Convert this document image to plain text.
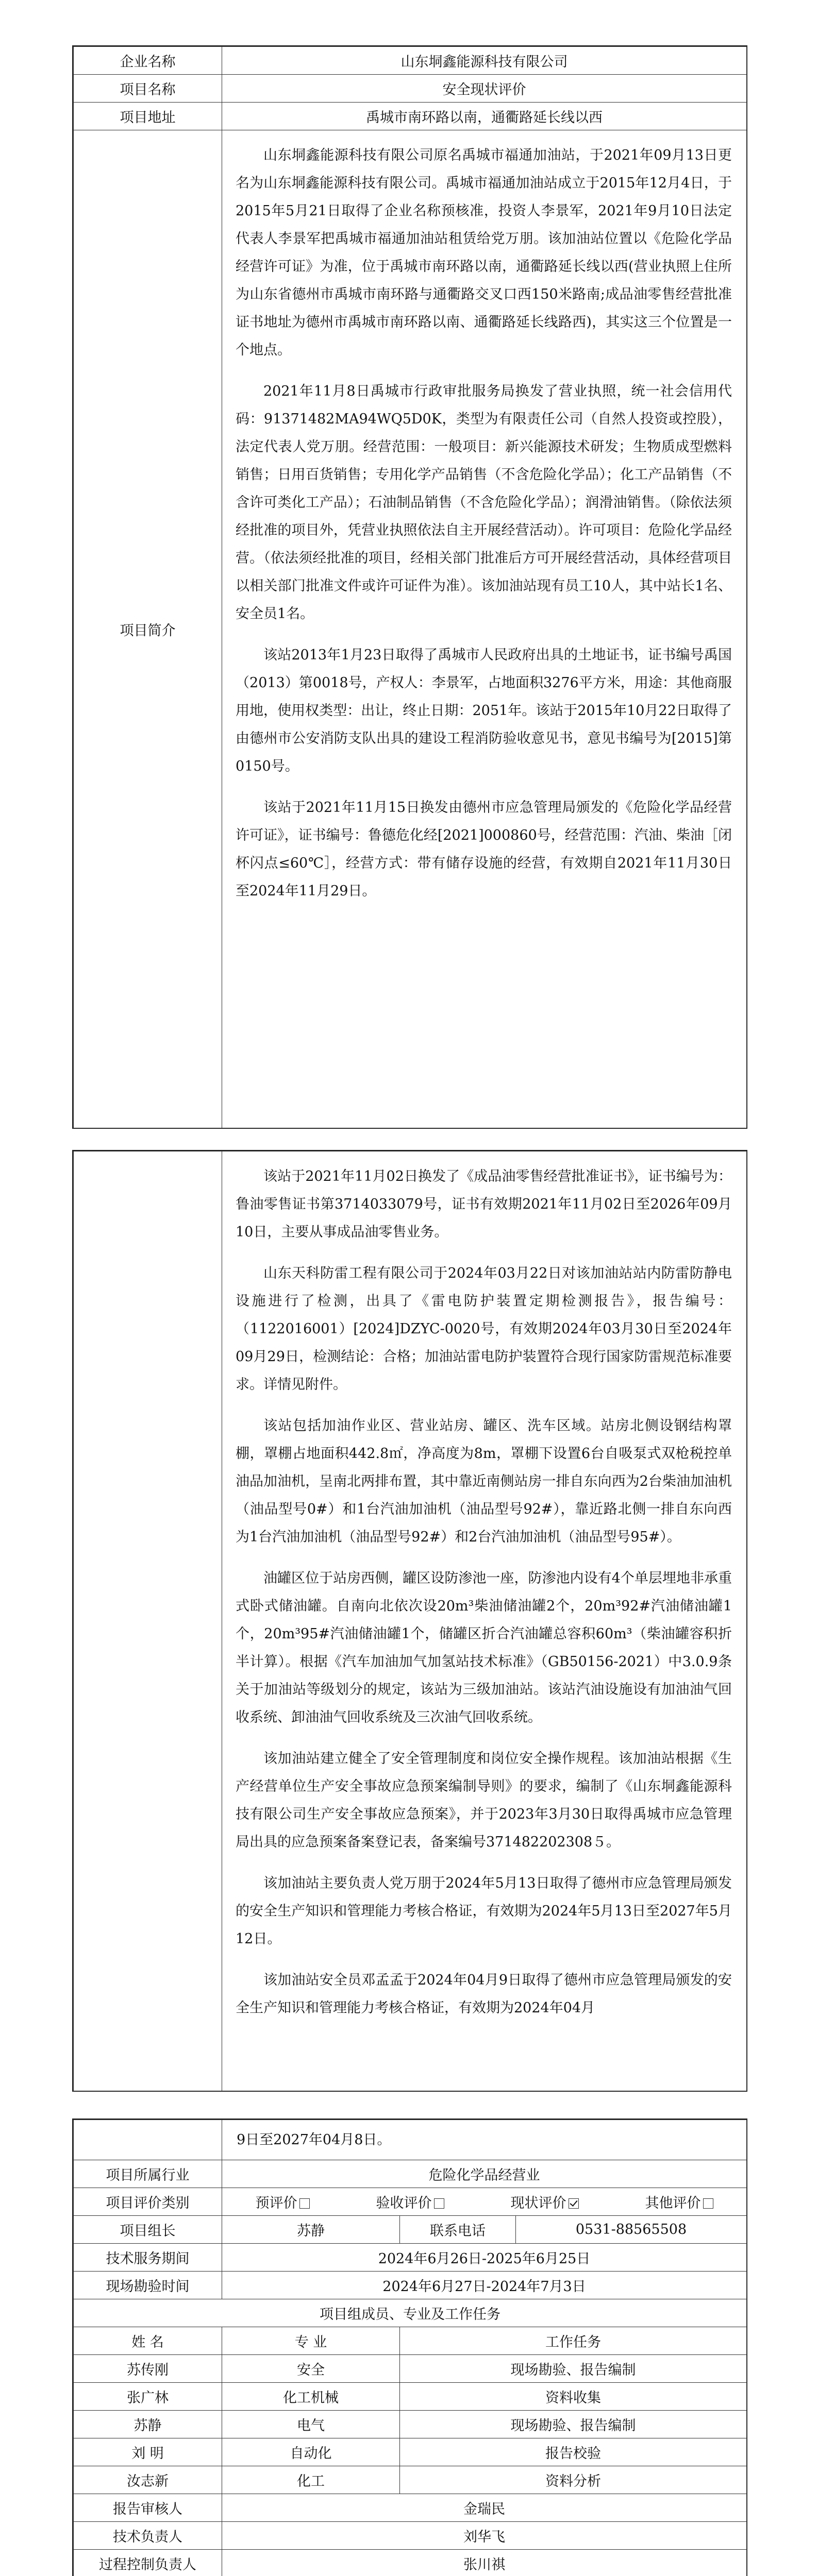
企业名称	山东垌鑫能源科技有限公司
项目名称	安全现状评价
项目地址	禹城市南环路以南，通衢路延长线以西
项目简介	山东垌鑫能源科技有限公司原名禹城市福通加油站，于2021年09月13日更名为山东垌鑫能源科技有限公司。禹城市福通加油站成立于2015年12月4日，于2015年5月21日取得了企业名称预核准，投资人李景军，2021年9月10日法定代表人李景军把禹城市福通加油站租赁给党万朋。该加油站位置以《危险化学品经营许可证》为准，位于禹城市南环路以南，通衢路延长线以西(营业执照上住所为山东省德州市禹城市南环路与通衢路交叉口西150米路南;成品油零售经营批准证书地址为德州市禹城市南环路以南、通衢路延长线路西)，其实这三个位置是一个地点。

2021年11月8日禹城市行政审批服务局换发了营业执照，统一社会信用代码：91371482MA94WQ5D0K，类型为有限责任公司（自然人投资或控股），法定代表人党万朋。经营范围：一般项目：新兴能源技术研发；生物质成型燃料销售；日用百货销售；专用化学产品销售（不含危险化学品）；化工产品销售（不含许可类化工产品）；石油制品销售（不含危险化学品）；润滑油销售。（除依法须经批准的项目外，凭营业执照依法自主开展经营活动）。许可项目：危险化学品经营。（依法须经批准的项目，经相关部门批准后方可开展经营活动，具体经营项目以相关部门批准文件或许可证件为准）。该加油站现有员工10人，其中站长1名、安全员1名。

该站2013年1月23日取得了禹城市人民政府出具的土地证书，证书编号禹国（2013）第0018号，产权人：李景军，占地面积3276平方米，用途：其他商服用地，使用权类型：出让，终止日期：2051年。该站于2015年10月22日取得了由德州市公安消防支队出具的建设工程消防验收意见书，意见书编号为[2015]第0150号。

该站于2021年11月15日换发由德州市应急管理局颁发的《危险化学品经营许可证》，证书编号：鲁德危化经[2021]000860号，经营范围：汽油、柴油［闭杯闪点≤60℃］，经营方式：带有储存设施的经营，有效期自2021年11月30日至2024年11月29日。

该站于2021年11月02日换发了《成品油零售经营批准证书》，证书编号为：鲁油零售证书第3714033079号，证书有效期2021年11月02日至2026年09月10日，主要从事成品油零售业务。

山东天科防雷工程有限公司于2024年03月22日对该加油站站内防雷防静电设施进行了检测，出具了《雷电防护装置定期检测报告》，报告编号：（1122016001）[2024]DZYC-0020号，有效期2024年03月30日至2024年09月29日，检测结论：合格；加油站雷电防护装置符合现行国家防雷规范标准要求。详情见附件。

该站包括加油作业区、营业站房、罐区、洗车区域。站房北侧设钢结构罩棚，罩棚占地面积442.8㎡，净高度为8m，罩棚下设置6台自吸泵式双枪税控单油品加油机，呈南北两排布置，其中靠近南侧站房一排自东向西为2台柴油加油机（油品型号0#）和1台汽油加油机（油品型号92#），靠近路北侧一排自东向西为1台汽油加油机（油品型号92#）和2台汽油加油机（油品型号95#）。

油罐区位于站房西侧，罐区设防渗池一座，防渗池内设有4个单层埋地非承重式卧式储油罐。自南向北依次设20m³柴油储油罐2个，20m³92#汽油储油罐1个，20m³95#汽油储油罐1个，储罐区折合汽油罐总容积60m³（柴油罐容积折半计算）。根据《汽车加油加气加氢站技术标准》（GB50156-2021）中3.0.9条关于加油站等级划分的规定，该站为三级加油站。该站汽油设施设有加油油气回收系统、卸油油气回收系统及三次油气回收系统。

该加油站建立健全了安全管理制度和岗位安全操作规程。该加油站根据《生产经营单位生产安全事故应急预案编制导则》的要求，编制了《山东垌鑫能源科技有限公司生产安全事故应急预案》，并于2023年3月30日取得禹城市应急管理局出具的应急预案备案登记表，备案编号371482202308５。

该加油站主要负责人党万朋于2024年5月13日取得了德州市应急管理局颁发的安全生产知识和管理能力考核合格证，有效期为2024年5月13日至2027年5月12日。

该加油站安全员邓孟孟于2024年04月9日取得了德州市应急管理局颁发的安全生产知识和管理能力考核合格证，有效期为2024年04月

	9日至2027年04月8日。		
项目所属行业	危险化学品经营业		
项目评价类别	预评价 验收评价 现状评价 其他评价		

项目组长	苏静	联系电话	0531-88565508
技术服务期间	2024年6月26日-2025年6月25日		
现场勘验时间	2024年6月27日-2024年7月3日		
项目组成员、专业及工作任务			
姓 名	专 业	工作任务	
苏传刚	安全	现场勘验、报告编制	
张广林	化工机械	资料收集	
苏静	电气	现场勘验、报告编制	
刘 明	自动化	报告校验	
汝志新	化工	资料分析	
报告审核人	金瑞民		
技术负责人	刘华飞		
过程控制负责人	张川祺		
